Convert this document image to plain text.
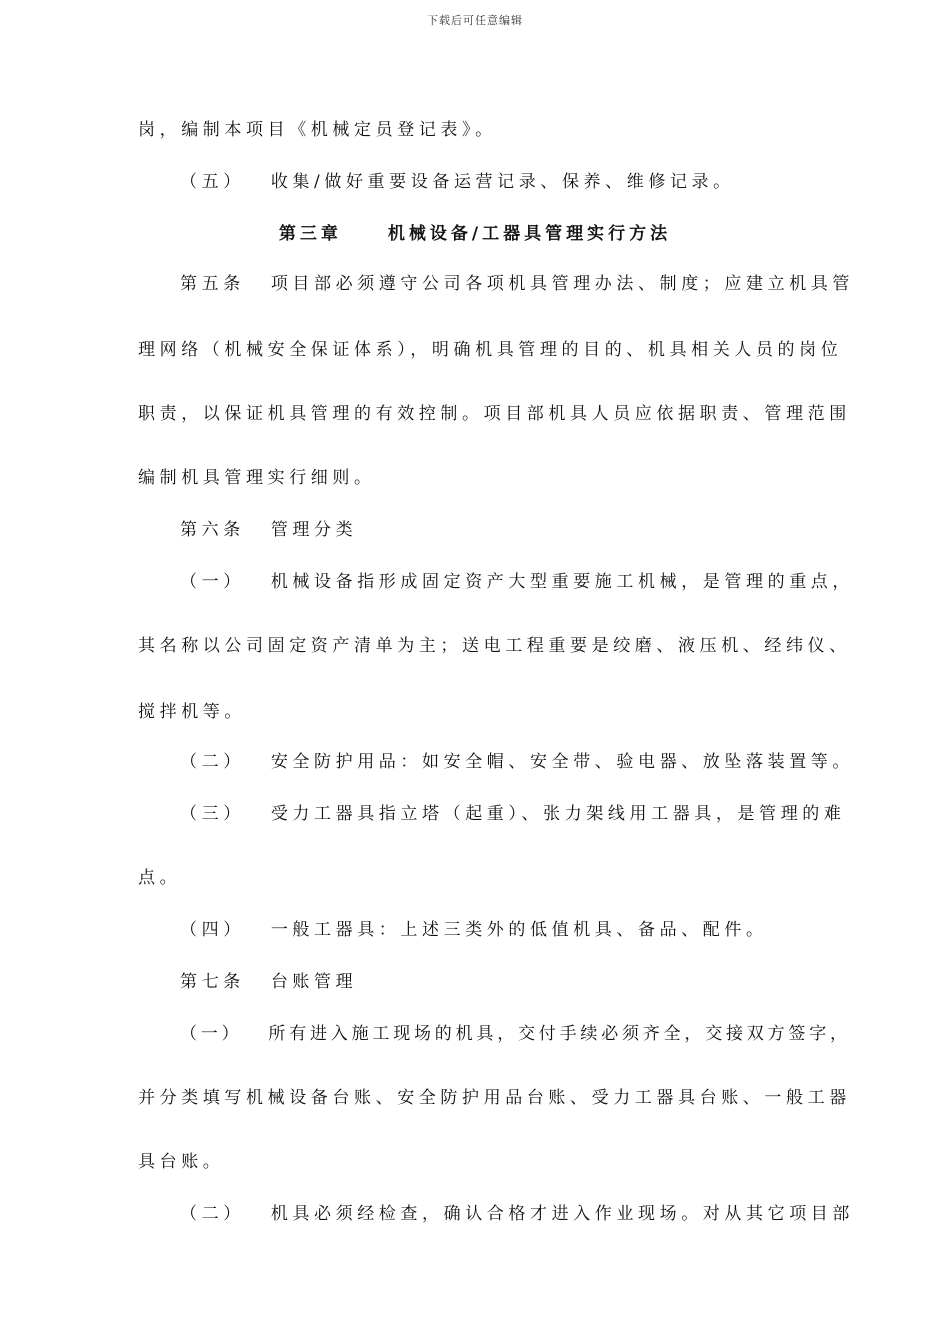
下载后可任意编辑
岗，编制本项目《机械定员登记表》。
（五） 收集/做好重要设备运营记录、保养、维修记录。
第三章	机械设备/工器具管理实行方法
第五条 项目部必须遵守公司各项机具管理办法、制度；应建立机具管
理网络（机械安全保证体系），明确机具管理的目的、机具相关人员的岗位
职责，以保证机具管理的有效控制。项目部机具人员应依据职责、管理范围
编制机具管理实行细则。
第六条 管理分类
（一） 机械设备指形成固定资产大型重要施工机械，是管理的重点，
其名称以公司固定资产清单为主；送电工程重要是绞磨、液压机、经纬仪、
搅拌机等。
（二） 安全防护用品：如安全帽、安全带、验电器、放坠落装置等。
（三） 受力工器具指立塔（起重）、张力架线用工器具，是管理的难
点。
（四） 一般工器具：上述三类外的低值机具、备品、配件。
第七条 台账管理
（一） 所有进入施工现场的机具，交付手续必须齐全，交接双方签字，
并分类填写机械设备台账、安全防护用品台账、受力工器具台账、一般工器
具台账。
（二） 机具必须经检查，确认合格才进入作业现场。对从其它项目部
